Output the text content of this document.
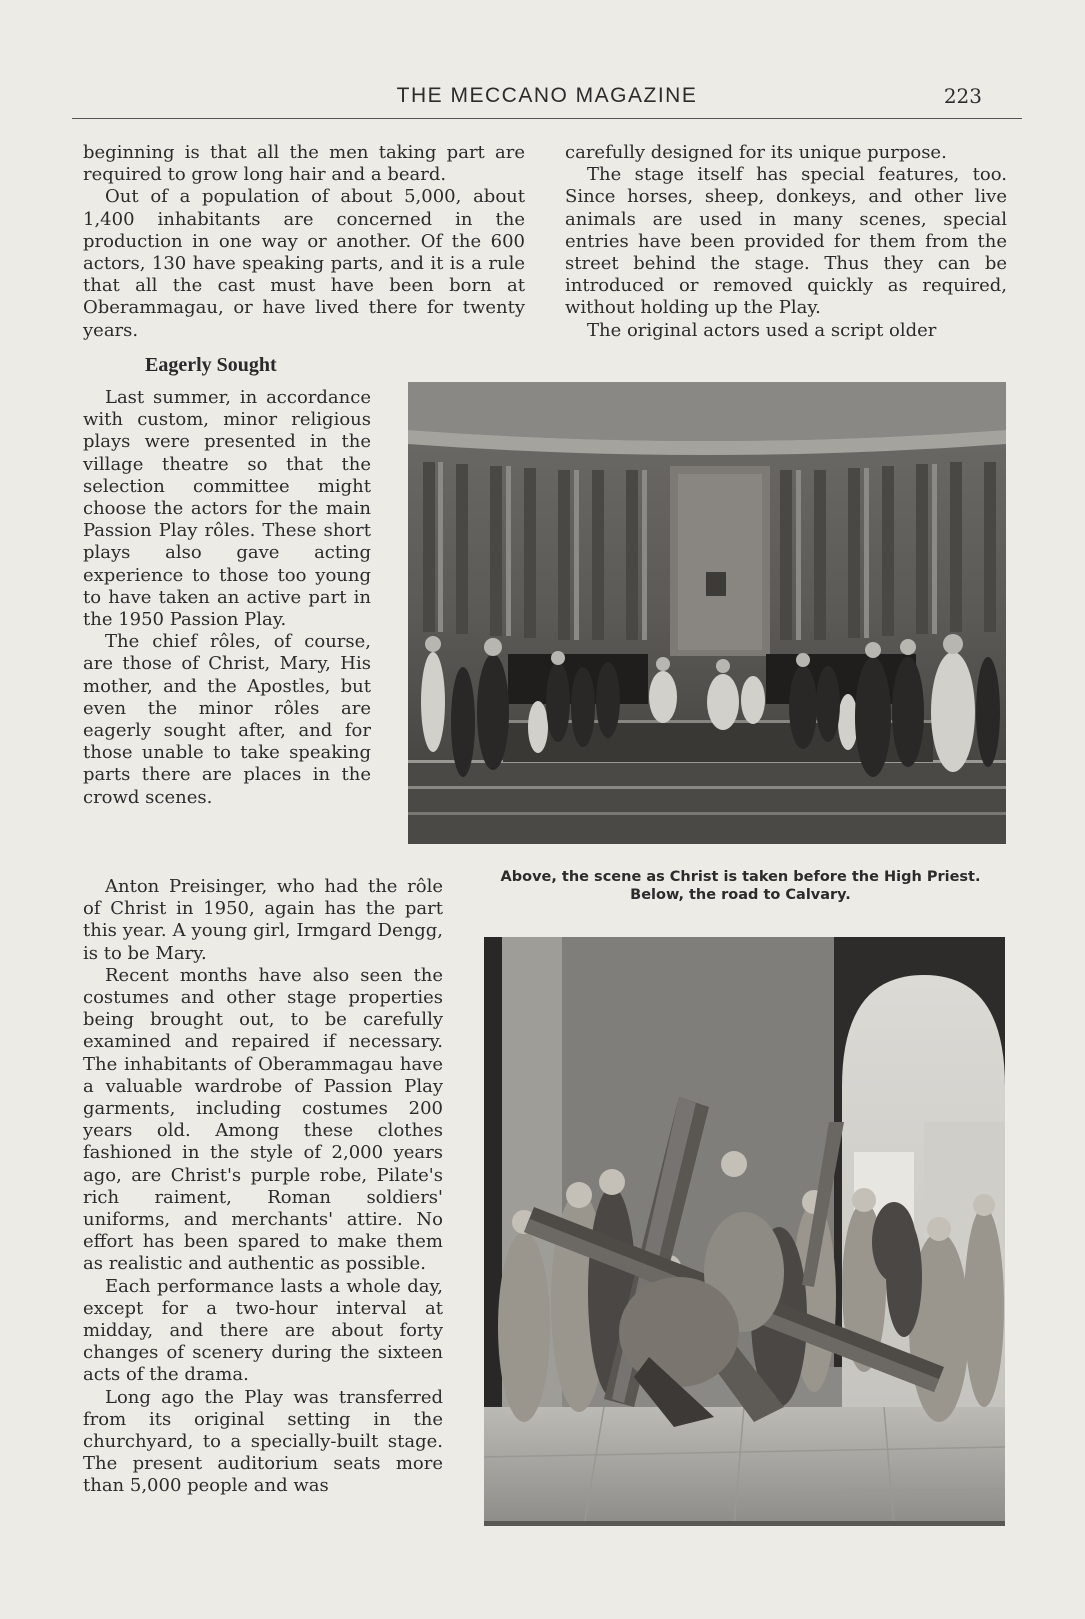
THE MECCANO MAGAZINE	223

beginning is that all the men taking part are required to grow long hair and a beard.

Out of a population of about 5,000, about 1,400 inhabitants are concerned in the production in one way or another. Of the 600 actors, 130 have speaking parts, and it is a rule that all the cast must have been born at Oberammagau, or have lived there for twenty years.

carefully designed for its unique purpose.

The stage itself has special features, too. Since horses, sheep, donkeys, and other live animals are used in many scenes, special entries have been provided for them from the street behind the stage. Thus they can be introduced or removed quickly as required, without holding up the Play.

The original actors used a script older

Eagerly Sought

Last summer, in accordance with custom, minor religious plays were presented in the village theatre so that the selection committee might choose the actors for the main Passion Play rôles. These short plays also gave acting experience to those too young to have taken an active part in the 1950 Passion Play.

The chief rôles, of course, are those of Christ, Mary, His mother, and the Apostles, but even the minor rôles are eagerly sought after, and for those unable to take speaking parts there are places in the crowd scenes.

Anton Preisinger, who had the rôle of Christ in 1950, again has the part this year. A young girl, Irmgard Dengg, is to be Mary.

Recent months have also seen the costumes and other stage properties being brought out, to be carefully examined and repaired if necessary. The inhabitants of Oberammagau have a valuable wardrobe of Passion Play garments, including costumes 200 years old. Among these clothes fashioned in the style of 2,000 years ago, are Christ's purple robe, Pilate's rich raiment, Roman soldiers' uniforms, and merchants' attire. No effort has been spared to make them as realistic and authentic as possible.

Each performance lasts a whole day, except for a two-hour interval at midday, and there are about forty changes of scenery during the sixteen acts of the drama.

Long ago the Play was transferred from its original setting in the churchyard, to a specially-built stage. The present auditorium seats more than 5,000 people and was

Above, the scene as Christ is taken before the High Priest. Below, the road to Calvary.
